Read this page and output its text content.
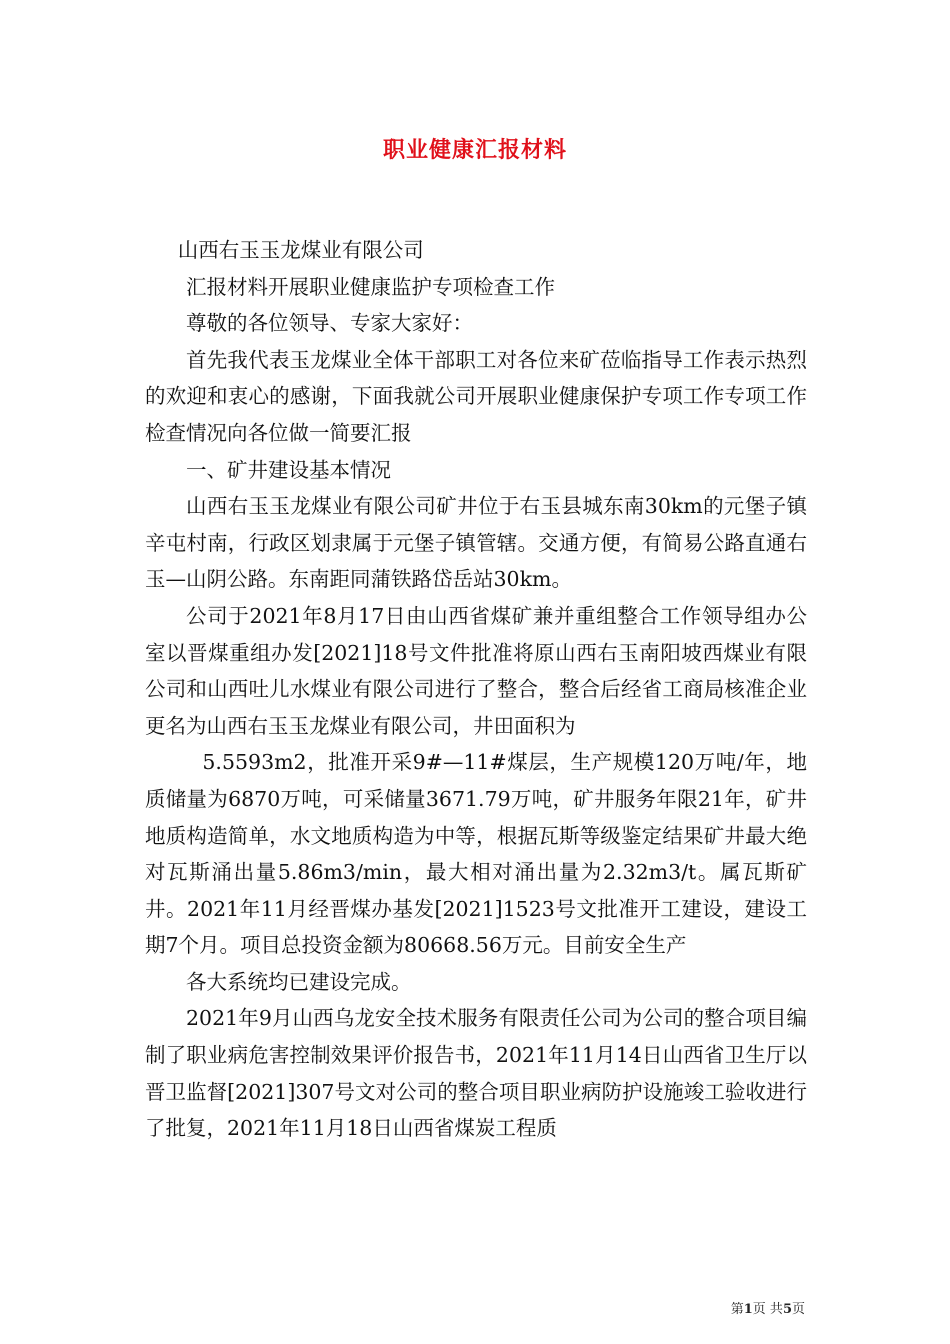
职业健康汇报材料

山西右玉玉龙煤业有限公司

汇报材料开展职业健康监护专项检查工作

尊敬的各位领导、专家大家好：

首先我代表玉龙煤业全体干部职工对各位来矿莅临指导工作表示热烈的欢迎和衷心的感谢，下面我就公司开展职业健康保护专项工作专项工作检查情况向各位做一简要汇报

一、矿井建设基本情况

山西右玉玉龙煤业有限公司矿井位于右玉县城东南30km的元堡子镇辛屯村南，行政区划隶属于元堡子镇管辖。交通方便，有简易公路直通右玉—山阴公路。东南距同蒲铁路岱岳站30km。

公司于2021年8月17日由山西省煤矿兼并重组整合工作领导组办公室以晋煤重组办发[2021]18号文件批准将原山西右玉南阳坡西煤业有限公司和山西吐儿水煤业有限公司进行了整合，整合后经省工商局核准企业更名为山西右玉玉龙煤业有限公司，井田面积为

5.5593m2，批准开采9#—11#煤层，生产规模120万吨/年，地质储量为6870万吨，可采储量3671.79万吨，矿井服务年限21年，矿井地质构造简单，水文地质构造为中等，根据瓦斯等级鉴定结果矿井最大绝对瓦斯涌出量5.86m3/min，最大相对涌出量为2.32m3/t。属瓦斯矿井。2021年11月经晋煤办基发[2021]1523号文批准开工建设，建设工期7个月。项目总投资金额为80668.56万元。目前安全生产

各大系统均已建设完成。

2021年9月山西乌龙安全技术服务有限责任公司为公司的整合项目编制了职业病危害控制效果评价报告书，2021年11月14日山西省卫生厅以晋卫监督[2021]307号文对公司的整合项目职业病防护设施竣工验收进行了批复，2021年11月18日山西省煤炭工程质

第1页 共5页
